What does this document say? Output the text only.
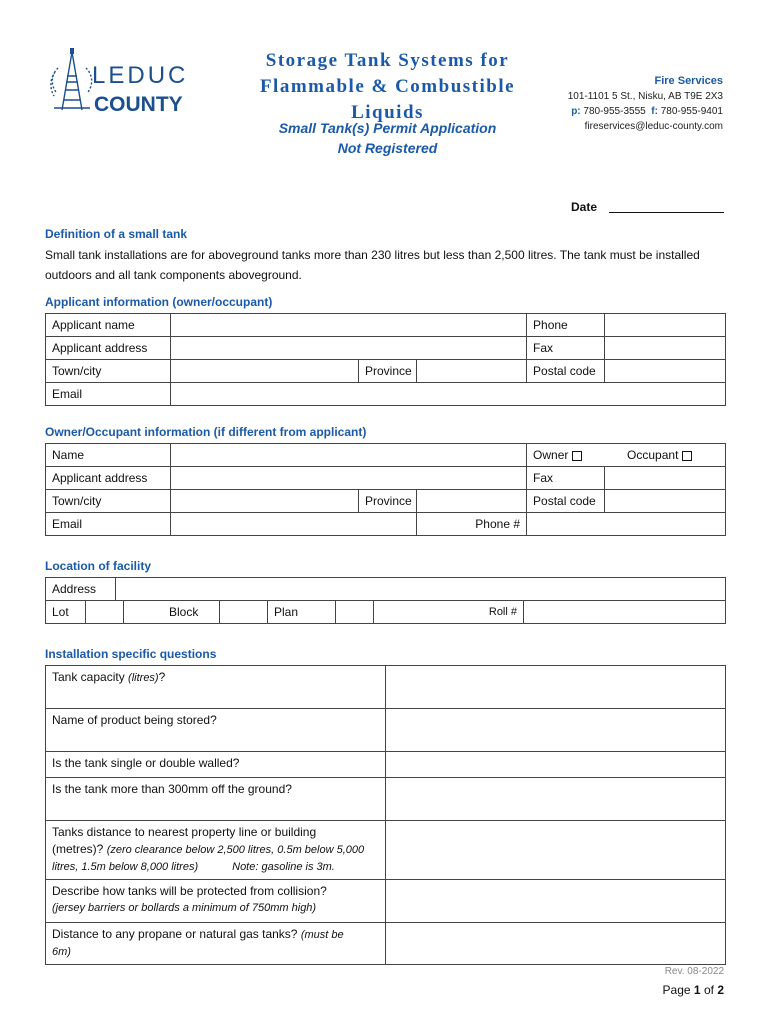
LEDUC
COUNTY
Storage Tank Systems for
Flammable & Combustible
Liquids
Small Tank(s) Permit Application
Not Registered
Fire Services
101-1101 5 St., Nisku, AB T9E 2X3
p: 780-955-3555 f: 780-955-9401
fireservices@leduc-county.com
Date
Definition of a small tank
Small tank installations are for aboveground tanks more than 230 litres but less than 2,500 litres. The tank must be installed outdoors and all tank components aboveground.
Applicant information (owner/occupant)
Applicant name				Phone	
Applicant address				Fax	
Town/city		Province		Postal code	
Email					
Owner/Occupant information (if different from applicant)
Name				Owner Occupant	
Applicant address				Fax	
Town/city		Province		Postal code	
Email			Phone #		
Location of facility
Address								
Lot			Block		Plan		Roll #	
Installation specific questions
Tank capacity (litres)?	
Name of product being stored?	
Is the tank single or double walled?	
Is the tank more than 300mm off the ground?	

Tanks distance to nearest property line or building
(metres)? (zero clearance below 2,500 litres, 0.5m below 5,000
litres, 1.5m below 8,000 litres) Note: gasoline is 3m.	

Describe how tanks will be protected from collision?
(jersey barriers or bollards a minimum of 750mm high)	

Distance to any propane or natural gas tanks? (must be
6m)	

Rev. 08-2022
Page 1 of 2
